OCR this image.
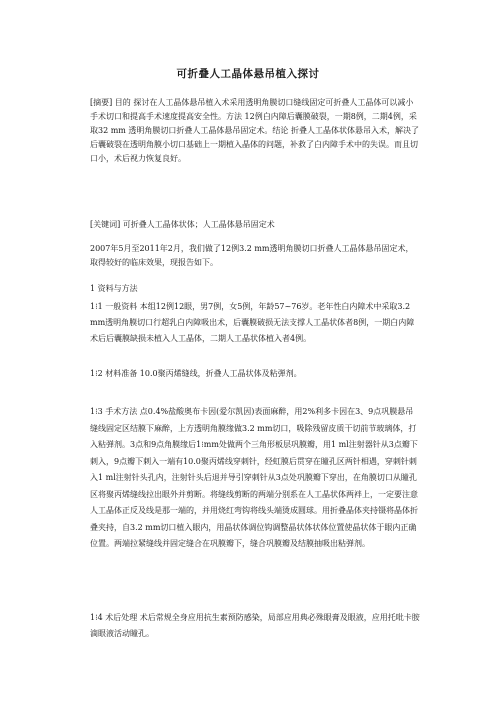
可折叠人工晶体悬吊植入探讨
[摘要] 目的 探讨在人工晶体悬吊植入术采用透明角膜切口缝线固定可折叠人工晶体可以减小手术切口和提高手术速度提高安全性。方法 12例白内障后囊膜破裂，一期8例，二期4例，采取32 mm 透明角膜切口折叠人工晶体悬吊固定术。结论 折叠人工晶体状体悬吊入术，解决了后囊破裂在透明角膜小切口基础上一期植入晶体的问题，补救了白内障手术中的失误。而且切口小，术后视力恢复良好。
[关键词] 可折叠人工晶体状体；人工晶体悬吊固定术
2007年5月至2011年2月，我们做了12例3.2 mm透明角膜切口折叠人工晶体悬吊固定术，取得较好的临床效果，现报告如下。
1 资料与方法
1⁝1 一般资料 本组12例12眼，男7例，女5例，年龄57~76岁。老年性白内障术中采取3.2 mm透明角膜切口行超乳白内障吸出术，后囊膜破损无法支撑人工晶状体者8例，一期白内障术后后囊膜缺损未植入人工晶体，二期人工晶状体植入者4例。
1⁝2 材料准备 10.0聚丙烯缝线，折叠人工晶状体及粘弹剂。
1⁝3 手术方法 点0.4%盐酸奥布卡因(爱尔凯因)表面麻醉，用2%利多卡因在3、9点巩膜悬吊缝线固定区结膜下麻醉，上方透明角膜缘做3.2 mm切口，吸除残留皮质干切前节玻璃体，打入粘弹剂。3点和9点角膜缘后1⁝mm处做两个三角形板层巩膜瓣，用1 ml注射器针从3点瓣下刺入，9点瓣下刺入一端有10.0聚丙烯线穿刺针，经虹膜后贯穿在瞳孔区两针相遇，穿刺针刺入1 ml注射针头孔内，注射针头后退并导引穿刺针从3点处巩膜瓣下穿出，在角膜切口从瞳孔区将聚丙烯缝线拉出眼外并剪断。将缝线剪断的两端分别系在人工晶状体两袢上，一定要注意人工晶体正反及线是那一端的，并用烧红弯钩将线头端烫成圆球。用折叠晶体夹持镊将晶体折叠夹持，自3.2 mm切口植入眼内，用晶状体调位钩调整晶状体状体位置使晶状体于眼内正确位置。两端拉紧缝线并固定缝合在巩膜瓣下，缝合巩膜瓣及结膜抽吸出粘弹剂。
1⁝4 术后处理 术后常规全身应用抗生素预防感染，局部应用典必殊眼膏及眼液，应用托吡卡胺滴眼液活动瞳孔。
